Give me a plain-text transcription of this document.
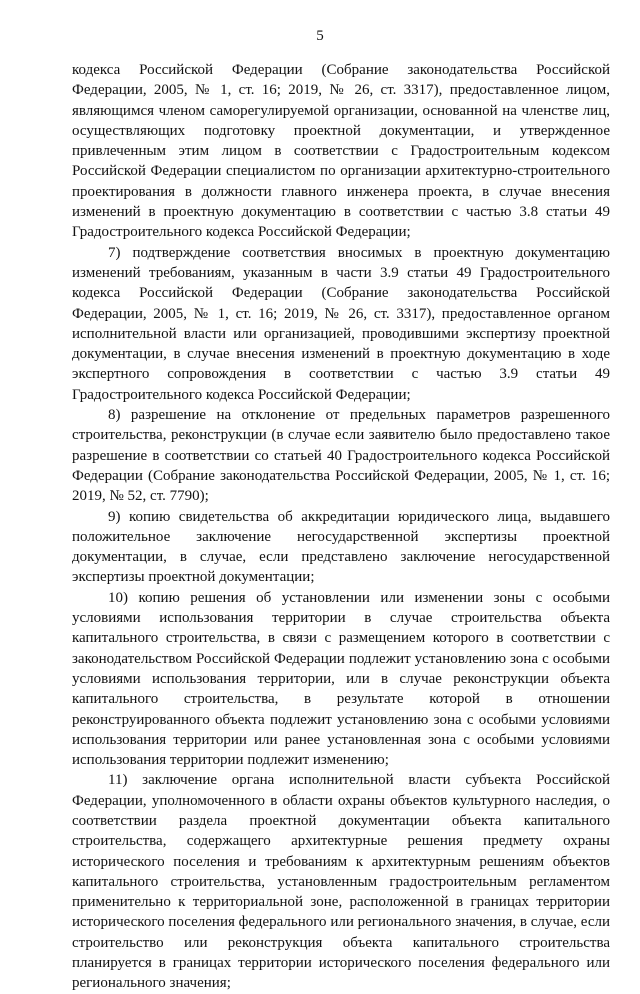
5

кодекса Российской Федерации (Собрание законодательства Российской Федерации, 2005, № 1, ст. 16; 2019, № 26, ст. 3317), предоставленное лицом, являющимся членом саморегулируемой организации, основанной на членстве лиц, осуществляющих подготовку проектной документации, и утвержденное привлеченным этим лицом в соответствии с Градостроительным кодексом Российской Федерации специалистом по организации архитектурно-строительного проектирования в должности главного инженера проекта, в случае внесения изменений в проектную документацию в соответствии с частью 3.8 статьи 49 Градостроительного кодекса Российской Федерации;

7) подтверждение соответствия вносимых в проектную документацию изменений требованиям, указанным в части 3.9 статьи 49 Градостроительного кодекса Российской Федерации (Собрание законодательства Российской Федерации, 2005, № 1, ст. 16; 2019, № 26, ст. 3317), предоставленное органом исполнительной власти или организацией, проводившими экспертизу проектной документации, в случае внесения изменений в проектную документацию в ходе экспертного сопровождения в соответствии с частью 3.9 статьи 49 Градостроительного кодекса Российской Федерации;

8) разрешение на отклонение от предельных параметров разрешенного строительства, реконструкции (в случае если заявителю было предоставлено такое разрешение в соответствии со статьей 40 Градостроительного кодекса Российской Федерации (Собрание законодательства Российской Федерации, 2005, № 1, ст. 16; 2019, № 52, ст. 7790);

9) копию свидетельства об аккредитации юридического лица, выдавшего положительное заключение негосударственной экспертизы проектной документации, в случае, если представлено заключение негосударственной экспертизы проектной документации;

10) копию решения об установлении или изменении зоны с особыми условиями использования территории в случае строительства объекта капитального строительства, в связи с размещением которого в соответствии с законодательством Российской Федерации подлежит установлению зона с особыми условиями использования территории, или в случае реконструкции объекта капитального строительства, в результате которой в отношении реконструированного объекта подлежит установлению зона с особыми условиями использования территории или ранее установленная зона с особыми условиями использования территории подлежит изменению;

11) заключение органа исполнительной власти субъекта Российской Федерации, уполномоченного в области охраны объектов культурного наследия, о соответствии раздела проектной документации объекта капитального строительства, содержащего архитектурные решения предмету охраны исторического поселения и требованиям к архитектурным решениям объектов капитального строительства, установленным градостроительным регламентом применительно к территориальной зоне, расположенной в границах территории исторического поселения федерального или регионального значения, в случае, если строительство или реконструкция объекта капитального строительства планируется в границах территории исторического поселения федерального или регионального значения;
